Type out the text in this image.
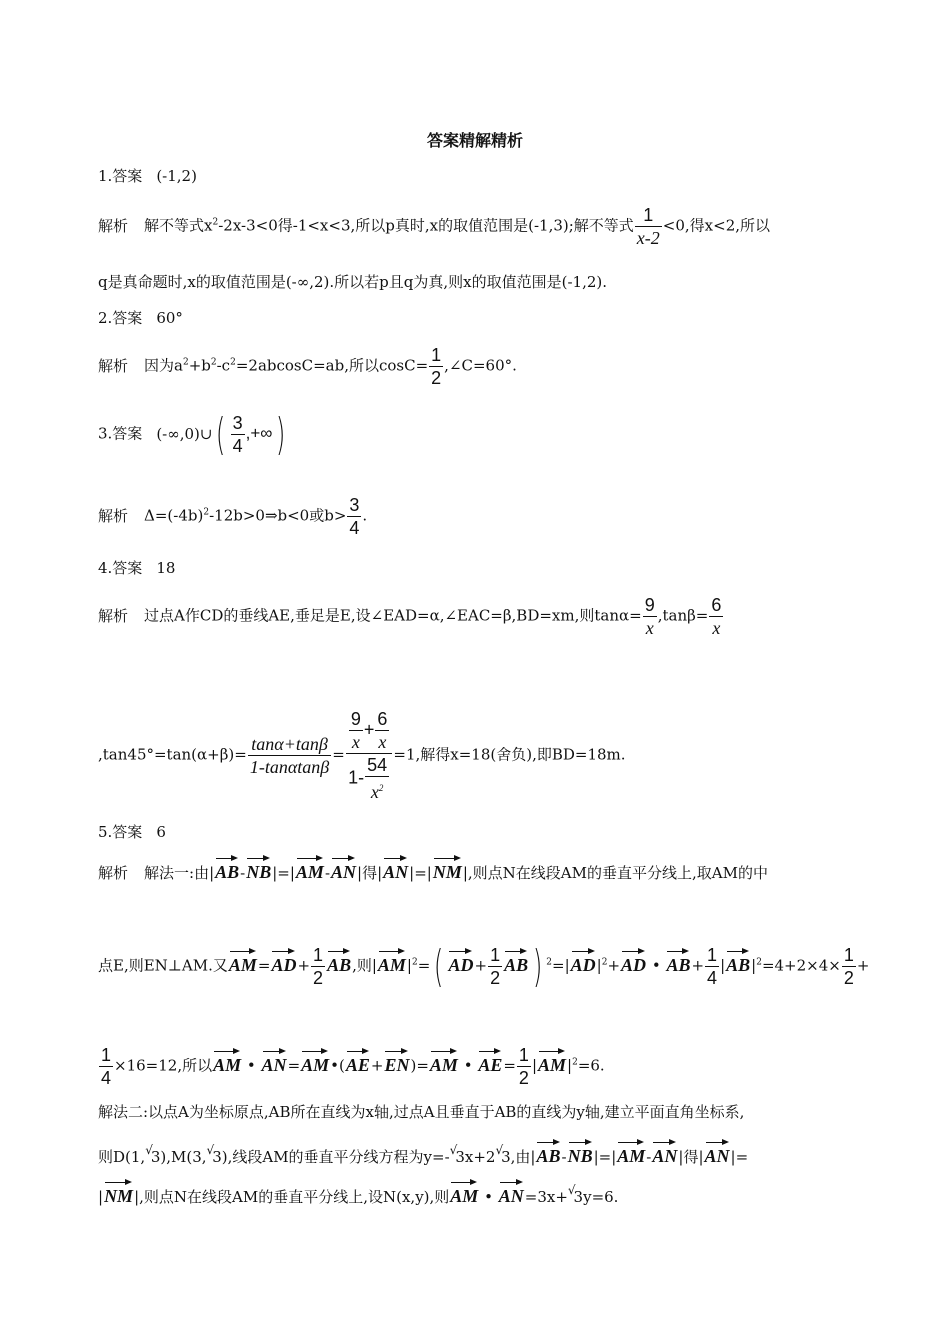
答案精解精析
1.答案 (-1,2)
解析 解不等式$x^2-2x-3<0$得-1<x<3,所以p真时,x的取值范围是(-1,3);解不等式 $\frac{1}{x-2} <0$,得x<2,所以
q是真命题时,x的取值范围是(-∞,2).所以若p且q为真,则x的取值范围是(-1,2).
2.答案 60°
解析 因为$a^2+b^2-c^2=2abcosC=ab$,所以$\cos C= \frac{1}{2}$ ,∠C=60°.
3.答案 (-∞,0)∪( $\frac{3}{4}$ ,+∞)
解析 $\Delta=(-4b)^2-12b>0\Rightarrow b<0$或$b> \frac{3}{4}$ .
4.答案 18
解析 过点A作CD的垂线AE,垂足是E,设∠EAD=α,∠EAC=β,BD=xm,则$\tan\alpha= \frac{9}{x} ,\tan\beta= \frac{6}{x}$
$,\tan 45^\circ=\tan(\alpha+\beta)= \frac{\tan\alpha+\tan\beta}{1-\tan\alpha\tan\beta} = \frac{\frac{9}{x} + \frac{6}{x}}{1- \frac{54}{x^2}} =1$,解得x=18(舍负),即BD=18m.
5.答案 6
解析 解法一:由|AB-NB|=|AM-AN|得|AN|=|NM|,则点N在线段AM的垂直平分线上,取AM的中
点E,则EN⊥AM.又$AM=AD+ \frac{1}{2}$ AB,则$|AM|^2=$( $AD+ \frac{1}{2}$ AB ) $^2=|AD|^2+AD$ • $AB+ \frac{1}{4} |AB|^2=4+2\times 4\times \frac{1}{2}$ +
$\frac{1}{4} \times 16=12$,所以AM • AN=AM•(AE+EN)=AM • $AE= \frac{1}{2} |AM|^2=6$.
解法二:以点A为坐标原点,AB所在直线为x轴,过点A且垂直于AB的直线为y轴,建立平面直角坐标系,
则D(1,√3),M(3,√3),线段AM的垂直平分线方程为y=-√3x+2√3,由|AB-NB|=|AM-AN|得|AN|=
|NM|,则点N在线段AM的垂直平分线上,设N(x,y),则AM • AN=3x+√3y=6.
